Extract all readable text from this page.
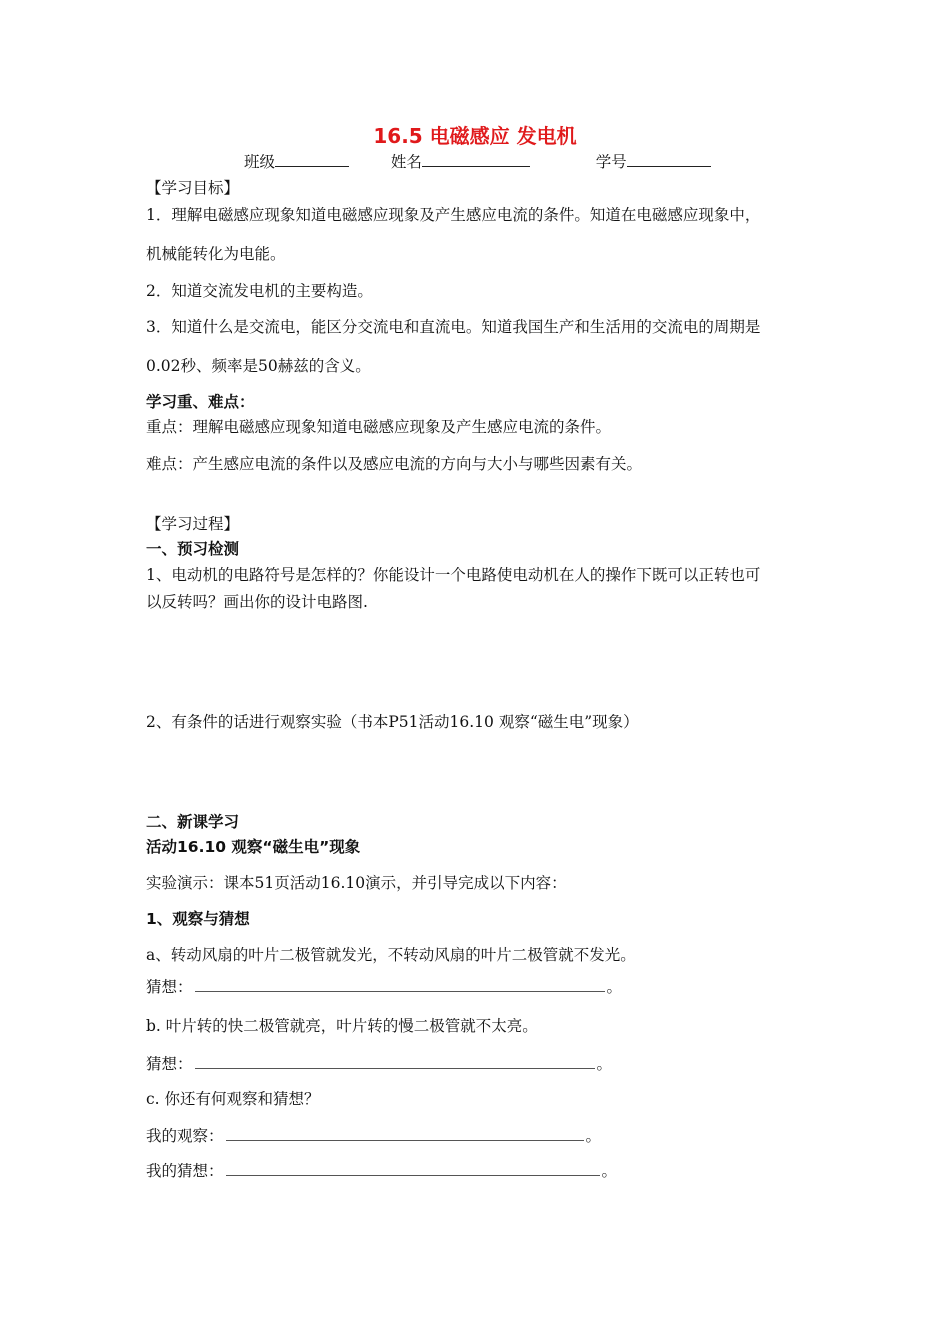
16.5 电磁感应 发电机
班级	姓名	学号
【学习目标】
1．理解电磁感应现象知道电磁感应现象及产生感应电流的条件。知道在电磁感应现象中，
机械能转化为电能。
2．知道交流发电机的主要构造。
3．知道什么是交流电，能区分交流电和直流电。知道我国生产和生活用的交流电的周期是
0.02秒、频率是50赫兹的含义。
学习重、难点：
重点：理解电磁感应现象知道电磁感应现象及产生感应电流的条件。
难点：产生感应电流的条件以及感应电流的方向与大小与哪些因素有关。
【学习过程】
一、预习检测
1、电动机的电路符号是怎样的？你能设计一个电路使电动机在人的操作下既可以正转也可
以反转吗？画出你的设计电路图.
2、有条件的话进行观察实验（书本P51活动16.10 观察“磁生电”现象）
二、新课学习
活动16.10 观察“磁生电”现象
实验演示：课本51页活动16.10演示，并引导完成以下内容：
1、观察与猜想
a、转动风扇的叶片二极管就发光，不转动风扇的叶片二极管就不发光。
猜想：	。
b. 叶片转的快二极管就亮，叶片转的慢二极管就不太亮。
猜想：	。
c. 你还有何观察和猜想？
我的观察：	。
我的猜想：	。
